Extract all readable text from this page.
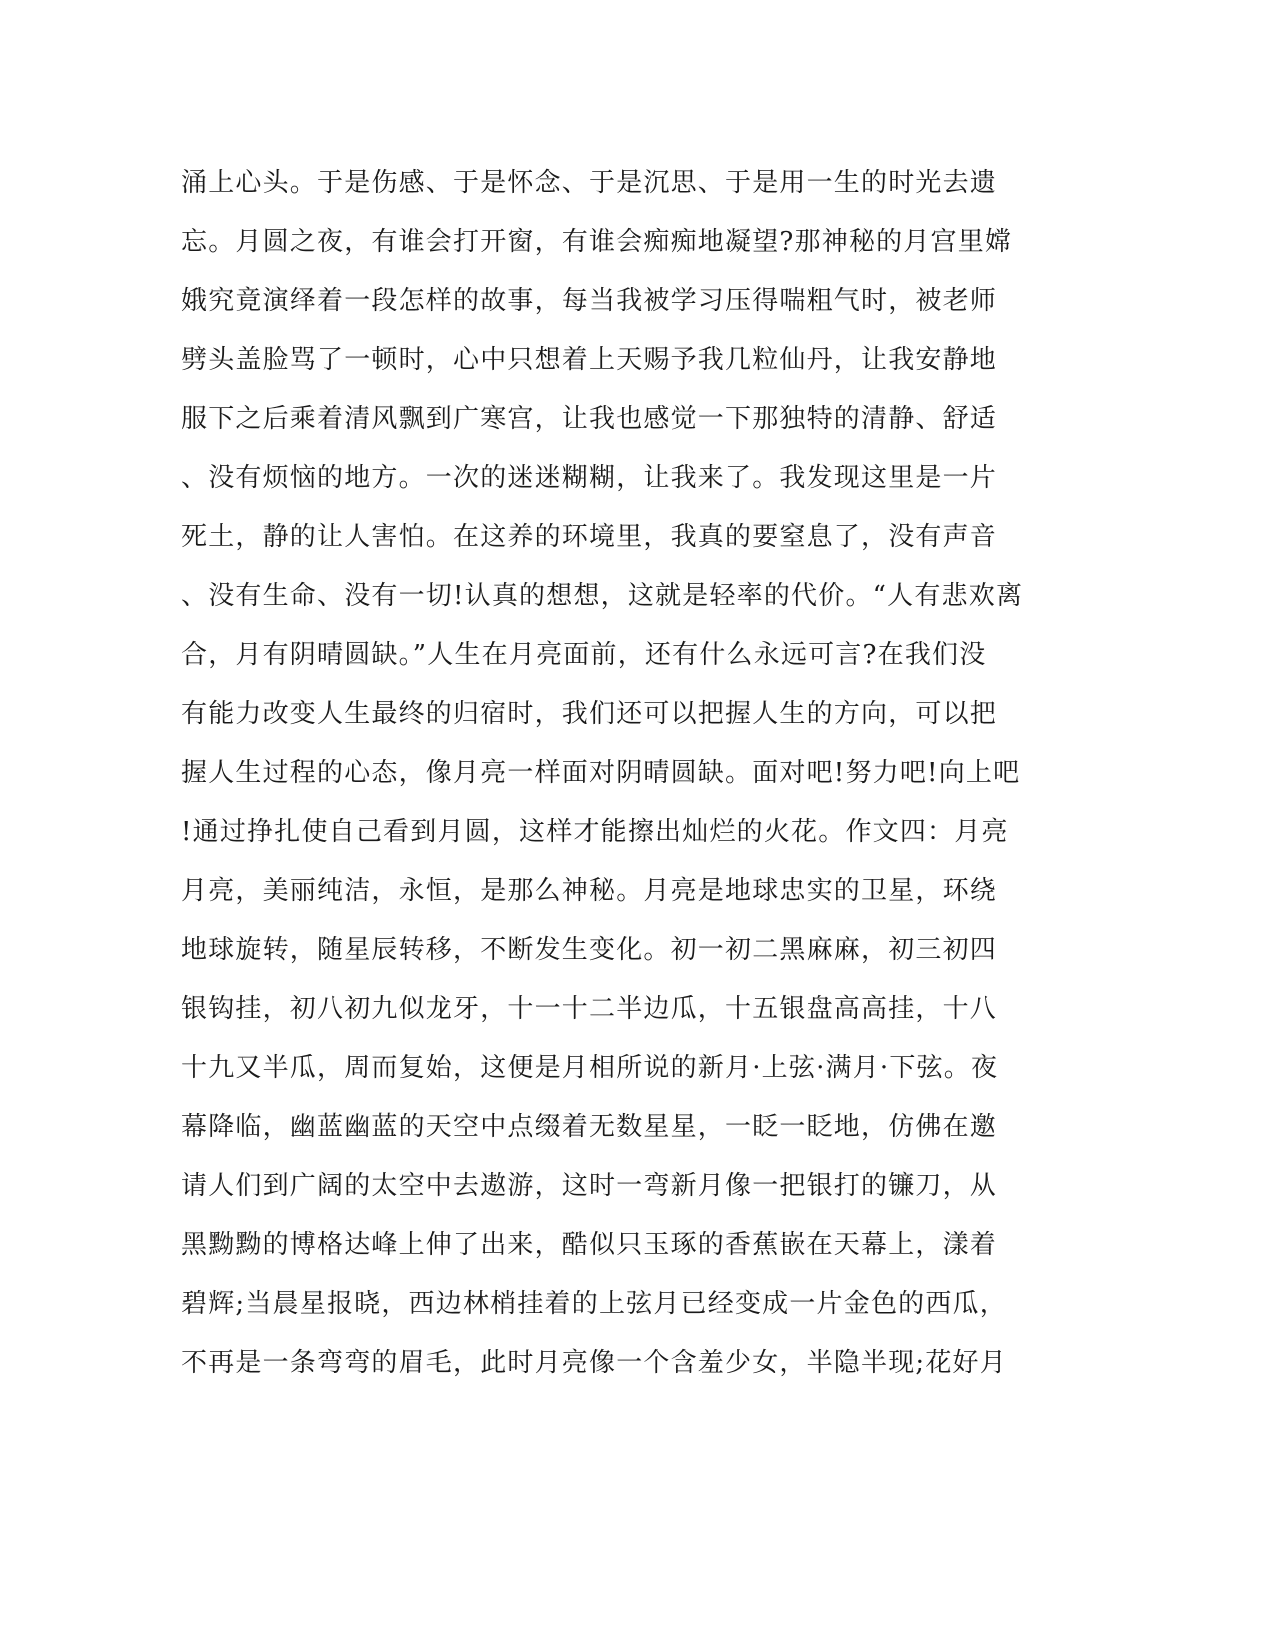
涌上心头。于是伤感、于是怀念、于是沉思、于是用一生的时光去遗
忘。月圆之夜，有谁会打开窗，有谁会痴痴地凝望?那神秘的月宫里嫦
娥究竟演绎着一段怎样的故事，每当我被学习压得喘粗气时，被老师
劈头盖脸骂了一顿时，心中只想着上天赐予我几粒仙丹，让我安静地
服下之后乘着清风飘到广寒宫，让我也感觉一下那独特的清静、舒适
、没有烦恼的地方。一次的迷迷糊糊，让我来了。我发现这里是一片
死土，静的让人害怕。在这养的环境里，我真的要窒息了，没有声音
、没有生命、没有一切!认真的想想，这就是轻率的代价。“人有悲欢离
合，月有阴晴圆缺。”人生在月亮面前，还有什么永远可言?在我们没
有能力改变人生最终的归宿时，我们还可以把握人生的方向，可以把
握人生过程的心态，像月亮一样面对阴晴圆缺。面对吧!努力吧!向上吧
!通过挣扎使自己看到月圆，这样才能擦出灿烂的火花。作文四：月亮
月亮，美丽纯洁，永恒，是那么神秘。月亮是地球忠实的卫星，环绕
地球旋转，随星辰转移，不断发生变化。初一初二黑麻麻，初三初四
银钩挂，初八初九似龙牙，十一十二半边瓜，十五银盘高高挂，十八
十九又半瓜，周而复始，这便是月相所说的新月·上弦·满月·下弦。夜
幕降临，幽蓝幽蓝的天空中点缀着无数星星，一眨一眨地，仿佛在邀
请人们到广阔的太空中去遨游，这时一弯新月像一把银打的镰刀，从
黑黝黝的博格达峰上伸了出来，酷似只玉琢的香蕉嵌在天幕上，漾着
碧辉;当晨星报晓，西边林梢挂着的上弦月已经变成一片金色的西瓜，
不再是一条弯弯的眉毛，此时月亮像一个含羞少女，半隐半现;花好月
